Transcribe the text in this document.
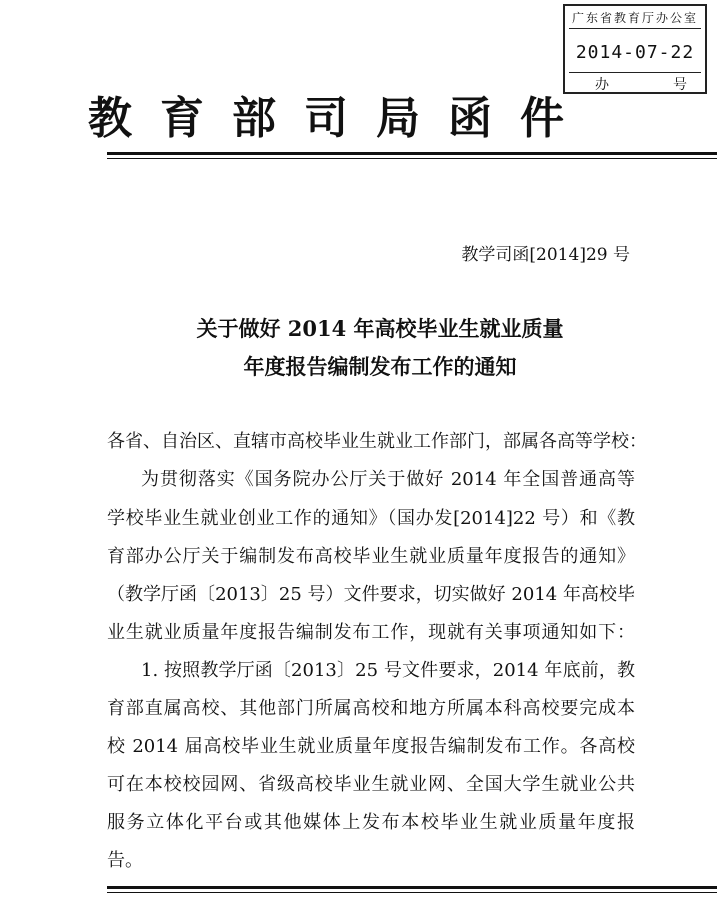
广东省教育厅办公室
2014-07-22
办	号
教育部司局函件
教学司函[2014]29 号
关于做好 2014 年高校毕业生就业质量
年度报告编制发布工作的通知
各省、自治区、直辖市高校毕业生就业工作部门，部属各高等学校：
为贯彻落实《国务院办公厅关于做好 2014 年全国普通高等
学校毕业生就业创业工作的通知》（国办发[2014]22 号）和《教
育部办公厅关于编制发布高校毕业生就业质量年度报告的通知》
（教学厅函〔2013〕25 号）文件要求，切实做好 2014 年高校毕
业生就业质量年度报告编制发布工作，现就有关事项通知如下：
1. 按照教学厅函〔2013〕25 号文件要求，2014 年底前，教
育部直属高校、其他部门所属高校和地方所属本科高校要完成本
校 2014 届高校毕业生就业质量年度报告编制发布工作。各高校
可在本校校园网、省级高校毕业生就业网、全国大学生就业公共
服务立体化平台或其他媒体上发布本校毕业生就业质量年度报
告。
